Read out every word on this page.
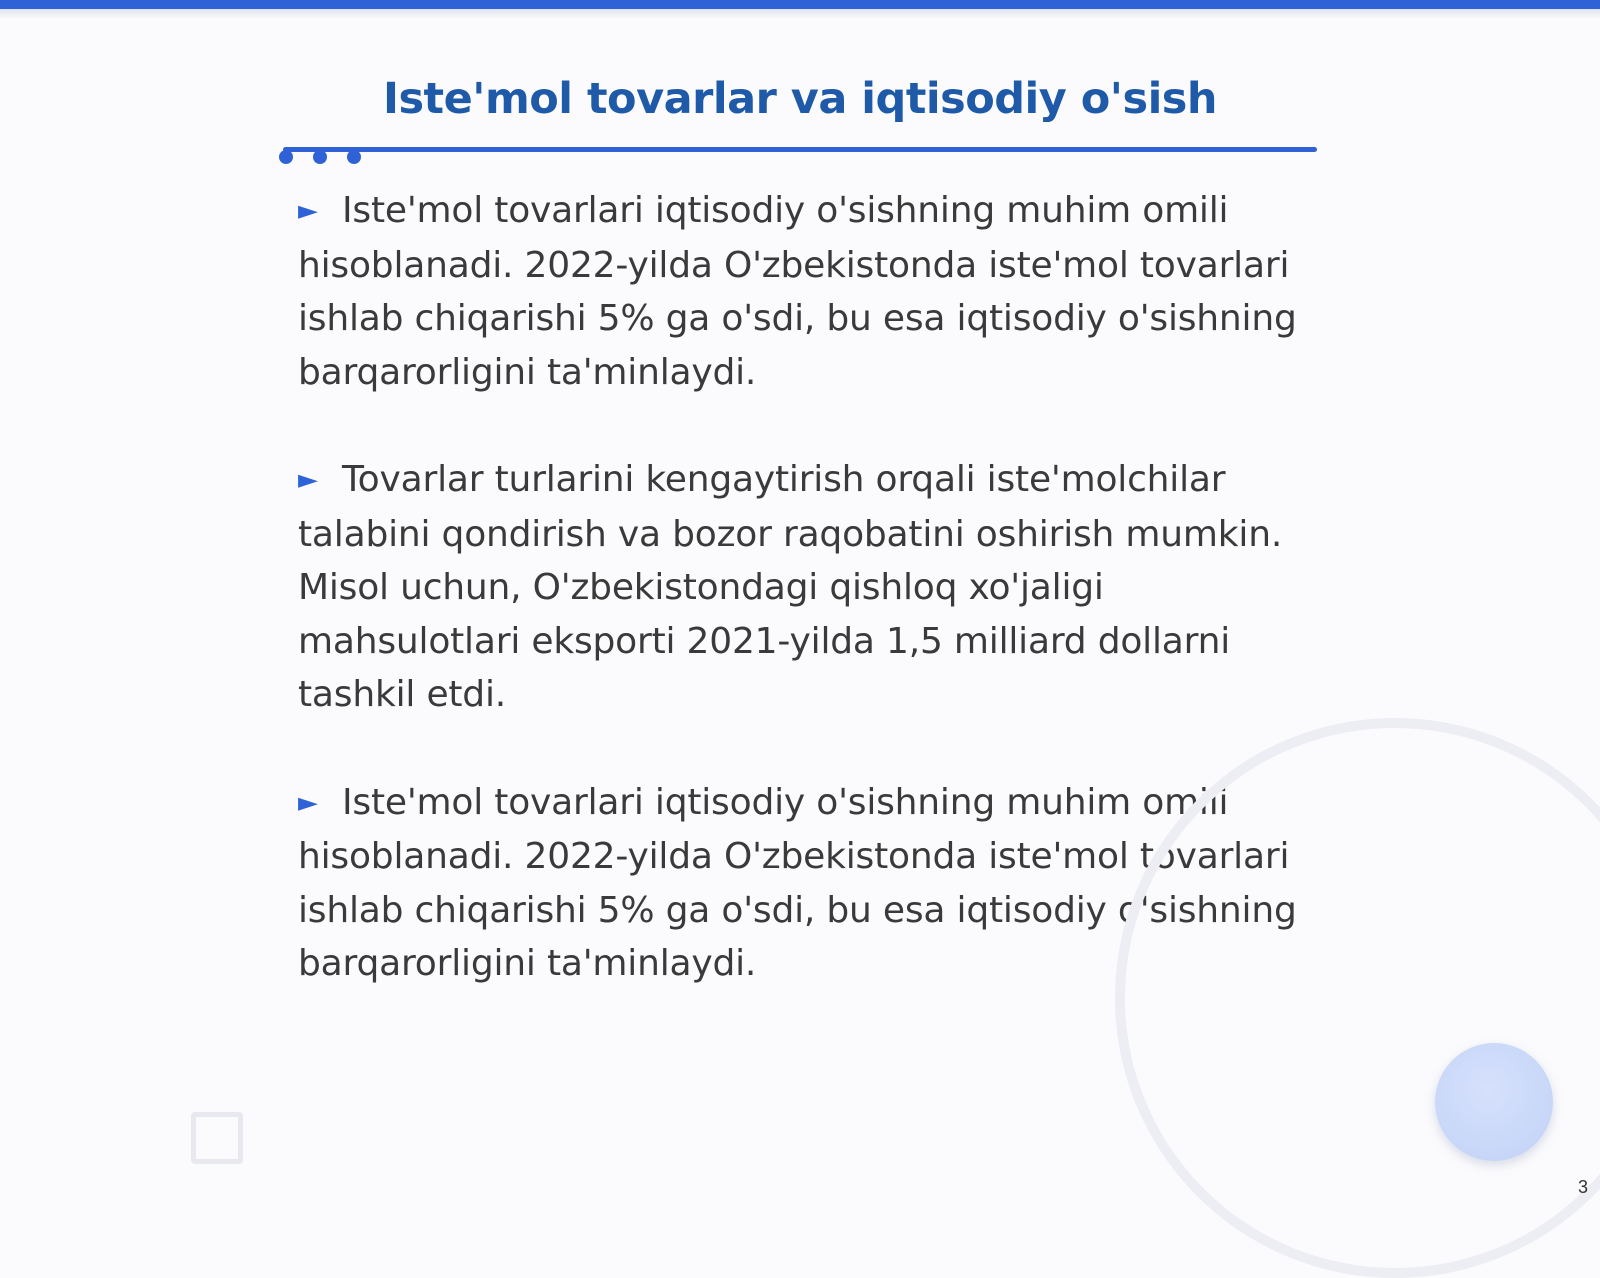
Iste'mol tovarlar va iqtisodiy o'sish
► Iste'mol tovarlari iqtisodiy o'sishning muhim omili hisoblanadi. 2022-yilda O'zbekistonda iste'mol tovarlari ishlab chiqarishi 5% ga o'sdi, bu esa iqtisodiy o'sishning barqarorligini ta'minlaydi.
► Tovarlar turlarini kengaytirish orqali iste'molchilar talabini qondirish va bozor raqobatini oshirish mumkin. Misol uchun, O'zbekistondagi qishloq xo'jaligi mahsulotlari eksporti 2021-yilda 1,5 milliard dollarni tashkil etdi.
► Iste'mol tovarlari iqtisodiy o'sishning muhim omili hisoblanadi. 2022-yilda O'zbekistonda iste'mol tovarlari ishlab chiqarishi 5% ga o'sdi, bu esa iqtisodiy o'sishning barqarorligini ta'minlaydi.
3
